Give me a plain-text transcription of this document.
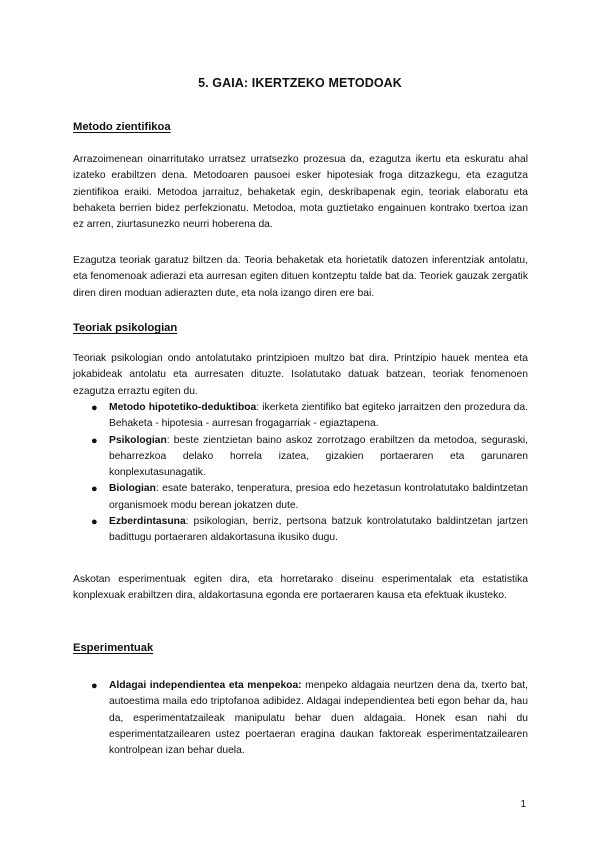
5. GAIA: IKERTZEKO METODOAK
Metodo zientifikoa
Arrazoimenean oinarritutako urratsez urratsezko prozesua da, ezagutza ikertu eta eskuratu ahal izateko erabiltzen dena. Metodoaren pausoei esker hipotesiak froga ditzazkegu, eta ezagutza zientifikoa eraiki. Metodoa jarraituz, behaketak egin, deskribapenak egin, teoriak elaboratu eta behaketa berrien bidez perfekzionatu. Metodoa, mota guztietako engainuen kontrako txertoa izan ez arren, ziurtasunezko neurri hoberena da.
Ezagutza teoriak garatuz biltzen da. Teoria behaketak eta horietatik datozen inferentziak antolatu, eta fenomenoak adierazi eta aurresan egiten dituen kontzeptu talde bat da. Teoriek gauzak zergatik diren diren moduan adierazten dute, eta nola izango diren ere bai.
Teoriak psikologian
Teoriak psikologian ondo antolatutako printzipioen multzo bat dira. Printzipio hauek mentea eta jokabideak antolatu eta aurresaten dituzte. Isolatutako datuak batzean, teoriak fenomenoen ezagutza erraztu egiten du.
● Metodo hipotetiko-deduktiboa: ikerketa zientifiko bat egiteko jarraitzen den prozedura da. Behaketa - hipotesia - aurresan frogagarriak - egiaztapena.
● Psikologian: beste zientzietan baino askoz zorrotzago erabiltzen da metodoa, seguraski, beharrezkoa delako horrela izatea, gizakien portaeraren eta garunaren konplexutasunagatik.
● Biologian: esate baterako, tenperatura, presioa edo hezetasun kontrolatutako baldintzetan organismoek modu berean jokatzen dute.
● Ezberdintasuna: psikologian, berriz, pertsona batzuk kontrolatutako baldintzetan jartzen badittugu portaeraren aldakortasuna ikusiko dugu.
Askotan esperimentuak egiten dira, eta horretarako diseinu esperimentalak eta estatistika konplexuak erabiltzen dira, aldakortasuna egonda ere portaeraren kausa eta efektuak ikusteko.
Esperimentuak
● Aldagai independientea eta menpekoa: menpeko aldagaia neurtzen dena da, txerto bat, autoestima maila edo triptofanoa adibidez. Aldagai independientea beti egon behar da, hau da, esperimentatzaileak manipulatu behar duen aldagaia. Honek esan nahi du esperimentatzailearen ustez poertaeran eragina daukan faktoreak esperimentatzailearen kontrolpean izan behar duela.
1
